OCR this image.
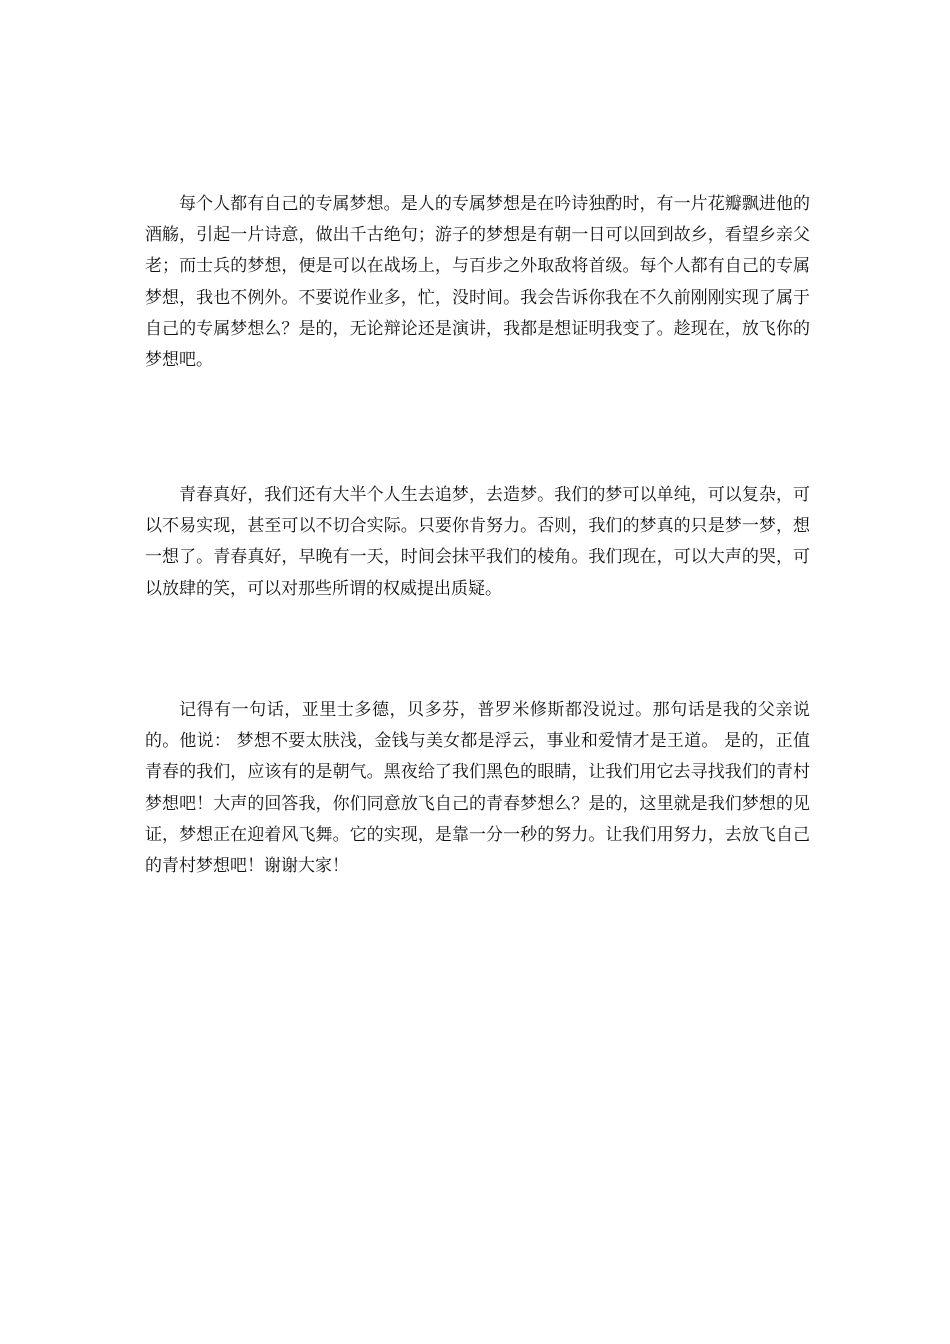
每个人都有自己的专属梦想。是人的专属梦想是在吟诗独酌时，有一片花瓣飘进他的酒觞，引起一片诗意，做出千古绝句；游子的梦想是有朝一日可以回到故乡，看望乡亲父老；而士兵的梦想，便是可以在战场上，与百步之外取敌将首级。每个人都有自己的专属梦想，我也不例外。不要说作业多，忙，没时间。我会告诉你我在不久前刚刚实现了属于自己的专属梦想么？是的，无论辩论还是演讲，我都是想证明我变了。趁现在，放飞你的梦想吧。

青春真好，我们还有大半个人生去追梦，去造梦。我们的梦可以单纯，可以复杂，可以不易实现，甚至可以不切合实际。只要你肯努力。否则，我们的梦真的只是梦一梦，想一想了。青春真好，早晚有一天，时间会抹平我们的棱角。我们现在，可以大声的哭，可以放肆的笑，可以对那些所谓的权威提出质疑。

记得有一句话，亚里士多德，贝多芬，普罗米修斯都没说过。那句话是我的父亲说的。他说： 梦想不要太肤浅，金钱与美女都是浮云，事业和爱情才是王道。 是的，正值青春的我们，应该有的是朝气。黑夜给了我们黑色的眼睛，让我们用它去寻找我们的青村梦想吧！大声的回答我，你们同意放飞自己的青春梦想么？是的，这里就是我们梦想的见证，梦想正在迎着风飞舞。它的实现，是靠一分一秒的努力。让我们用努力，去放飞自己的青村梦想吧！谢谢大家！
